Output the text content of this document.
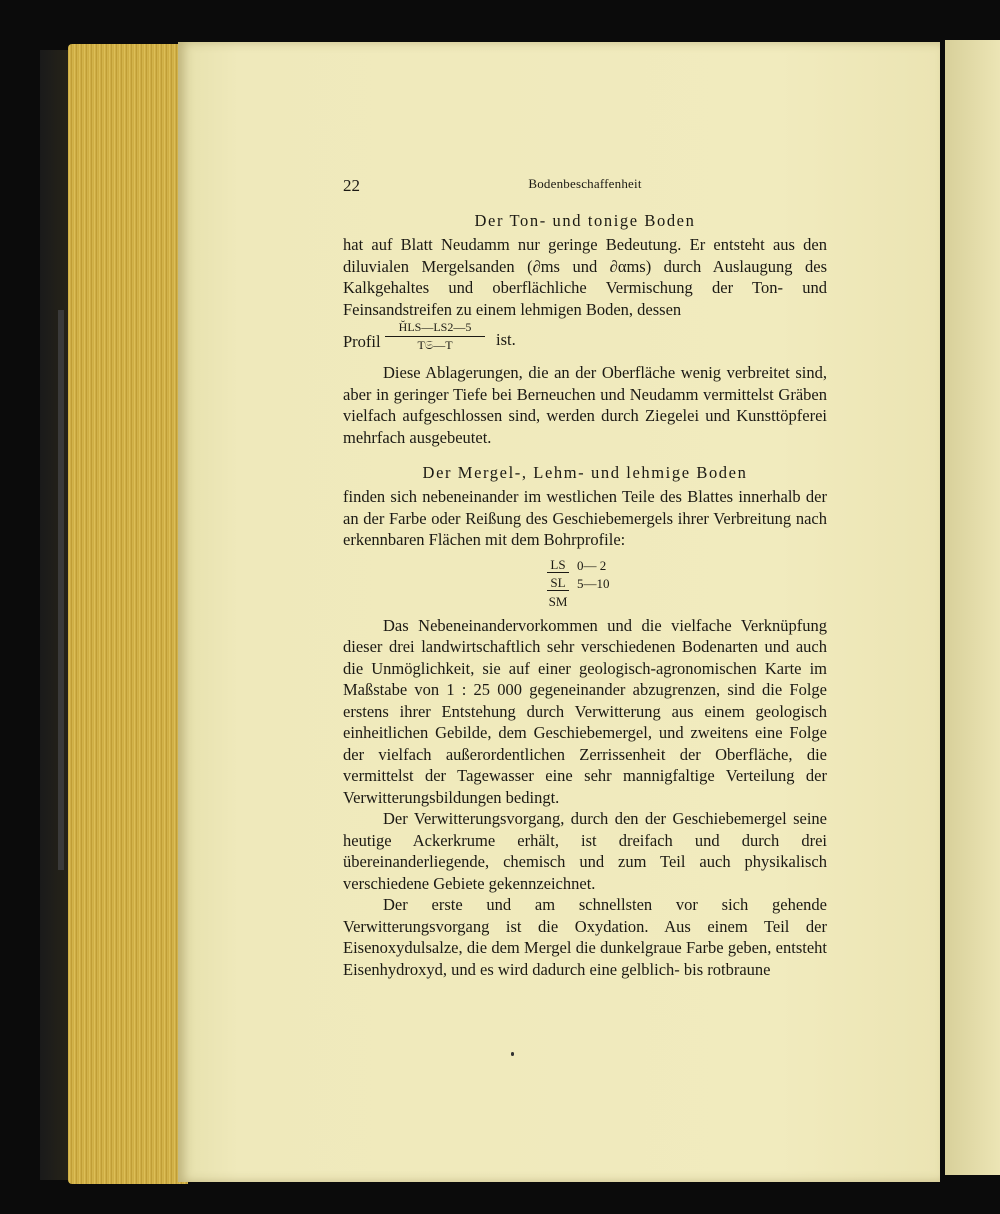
22	Bodenbeschaffenheit
Der Ton- und tonige Boden

hat auf Blatt Neudamm nur geringe Bedeutung. Er entsteht aus den diluvialen Mergelsanden (∂ms und ∂αms) durch Auslaugung des Kalkgehaltes und oberflächliche Vermischung der Ton- und Feinsandstreifen zu einem lehmigen Boden, dessen

Profil
H̆LS—LS2—5
T𝔖—T	ist.

Diese Ablagerungen, die an der Oberfläche wenig verbreitet sind, aber in geringer Tiefe bei Berneuchen und Neudamm vermittelst Gräben vielfach aufgeschlossen sind, werden durch Ziegelei und Kunsttöpferei mehrfach ausgebeutet.

Der Mergel-, Lehm- und lehmige Boden

finden sich nebeneinander im westlichen Teile des Blattes innerhalb der an der Farbe oder Reißung des Geschiebemergels ihrer Verbreitung nach erkennbaren Flächen mit dem Bohrprofile:

LS 0— 2
SL 5—10
SM

Das Nebeneinandervorkommen und die vielfache Verknüpfung dieser drei landwirtschaftlich sehr verschiedenen Bodenarten und auch die Unmöglichkeit, sie auf einer geologisch-agronomischen Karte im Maßstabe von 1 : 25 000 gegeneinander abzugrenzen, sind die Folge erstens ihrer Entstehung durch Verwitterung aus einem geologisch einheitlichen Gebilde, dem Geschiebemergel, und zweitens eine Folge der vielfach außerordentlichen Zerrissenheit der Oberfläche, die vermittelst der Tagewasser eine sehr mannigfaltige Verteilung der Verwitterungsbildungen bedingt.

Der Verwitterungsvorgang, durch den der Geschiebemergel seine heutige Ackerkrume erhält, ist dreifach und durch drei übereinanderliegende, chemisch und zum Teil auch physikalisch verschiedene Gebiete gekennzeichnet.

Der erste und am schnellsten vor sich gehende Verwitterungsvorgang ist die Oxydation. Aus einem Teil der Eisenoxydulsalze, die dem Mergel die dunkelgraue Farbe geben, entsteht Eisenhydroxyd, und es wird dadurch eine gelblich- bis rotbraune
